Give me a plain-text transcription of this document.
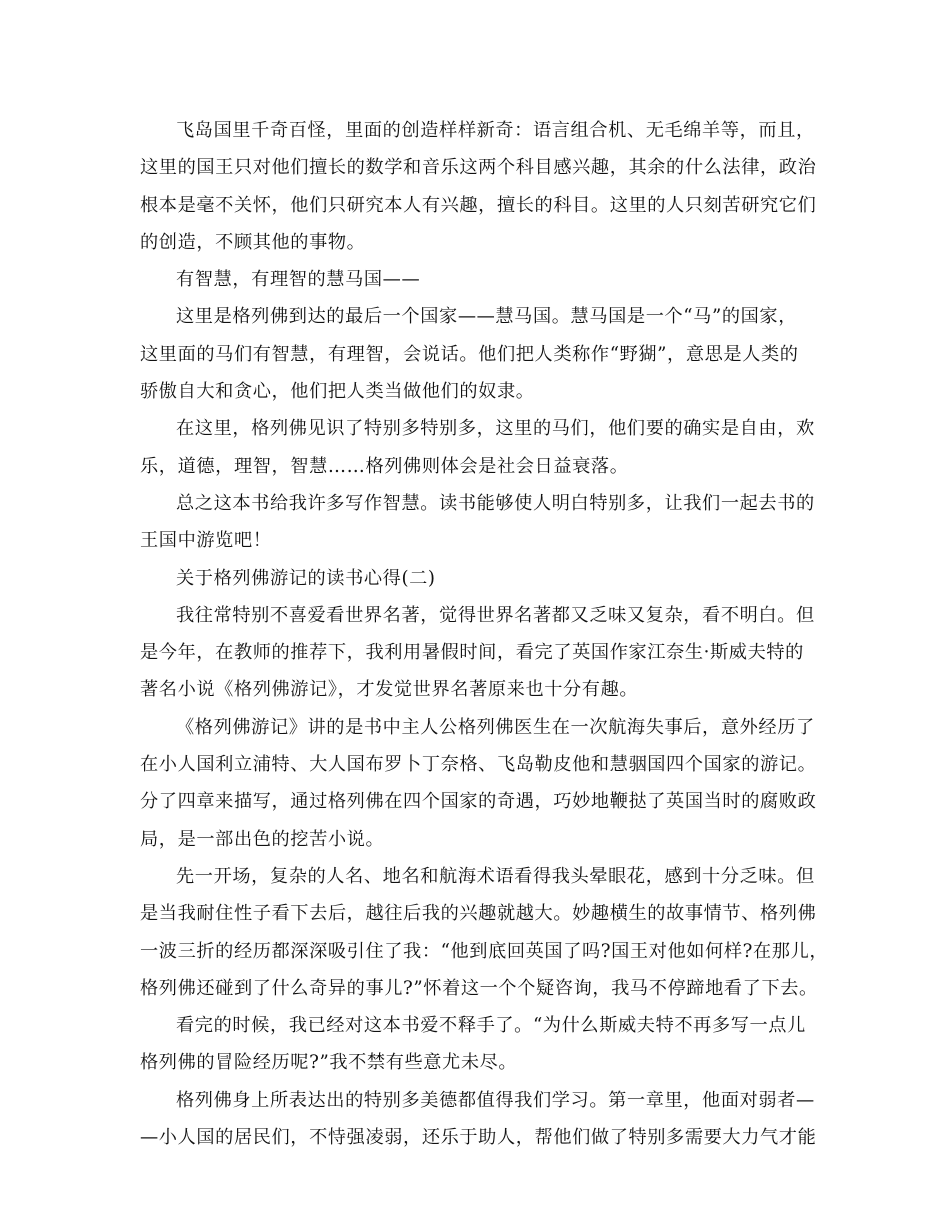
飞岛国里千奇百怪，里面的创造样样新奇：语言组合机、无毛绵羊等，而且，
这里的国王只对他们擅长的数学和音乐这两个科目感兴趣，其余的什么法律，政治
根本是毫不关怀，他们只研究本人有兴趣，擅长的科目。这里的人只刻苦研究它们
的创造，不顾其他的事物。

有智慧，有理智的慧马国——

这里是格列佛到达的最后一个国家——慧马国。慧马国是一个“马”的国家，
这里面的马们有智慧，有理智，会说话。他们把人类称作“野猢”，意思是人类的
骄傲自大和贪心，他们把人类当做他们的奴隶。

在这里，格列佛见识了特别多特别多，这里的马们，他们要的确实是自由，欢
乐，道德，理智，智慧……格列佛则体会是社会日益衰落。

总之这本书给我许多写作智慧。读书能够使人明白特别多，让我们一起去书的
王国中游览吧！

关于格列佛游记的读书心得(二)

我往常特别不喜爱看世界名著，觉得世界名著都又乏味又复杂，看不明白。但
是今年，在教师的推荐下，我利用暑假时间，看完了英国作家江奈生·斯威夫特的
著名小说《格列佛游记》，才发觉世界名著原来也十分有趣。

《格列佛游记》讲的是书中主人公格列佛医生在一次航海失事后，意外经历了
在小人国利立浦特、大人国布罗卜丁奈格、飞岛勒皮他和慧骃国四个国家的游记。
分了四章来描写，通过格列佛在四个国家的奇遇，巧妙地鞭挞了英国当时的腐败政
局，是一部出色的挖苦小说。

先一开场，复杂的人名、地名和航海术语看得我头晕眼花，感到十分乏味。但
是当我耐住性子看下去后，越往后我的兴趣就越大。妙趣横生的故事情节、格列佛
一波三折的经历都深深吸引住了我：“他到底回英国了吗?国王对他如何样?在那儿，
格列佛还碰到了什么奇异的事儿?”怀着这一个个疑咨询，我马不停蹄地看了下去。

看完的时候，我已经对这本书爱不释手了。“为什么斯威夫特不再多写一点儿
格列佛的冒险经历呢?”我不禁有些意尤未尽。

格列佛身上所表达出的特别多美德都值得我们学习。第一章里，他面对弱者—
—小人国的居民们，不恃强凌弱，还乐于助人，帮他们做了特别多需要大力气才能
